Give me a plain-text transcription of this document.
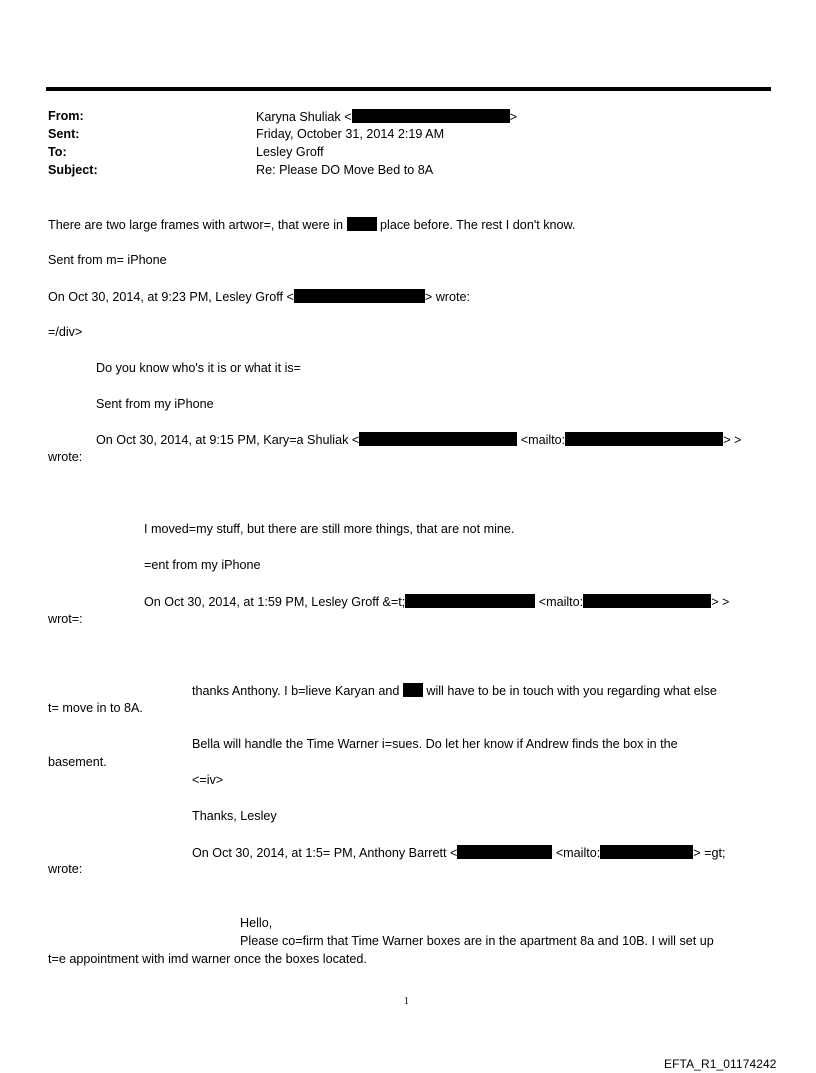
From:	Karyna Shuliak <	>
Sent:	Friday, October 31, 2014 2:19 AM
To:	Lesley Groff
Subject:	Re: Please DO Move Bed to 8A
There are two large frames with artwor=, that were in	place before. The rest I don't know.
Sent from m= iPhone
On Oct 30, 2014, at 9:23 PM, Lesley Groff <	> wrote:
=/div>
Do you know who's it is or what it is=
Sent from my iPhone
On Oct 30, 2014, at 9:15 PM, Kary=a Shuliak <	<mailto:	> >
wrote:
I moved=my stuff, but there are still more things, that are not mine.
=ent from my iPhone
On Oct 30, 2014, at 1:59 PM, Lesley Groff &=t;	<mailto:	> >
wrot=:
thanks Anthony. I b=lieve Karyan and will have to be in touch with you regarding what else
t= move in to 8A.
Bella will handle the Time Warner i=sues. Do let her know if Andrew finds the box in the
basement.
<=iv>
Thanks, Lesley
On Oct 30, 2014, at 1:5= PM, Anthony Barrett <	<mailto:	> =gt;
wrote:
Hello,
Please co=firm that Time Warner boxes are in the apartment 8a and 10B. I will set up
t=e appointment with imd warner once the boxes located.
1
EFTA_R1_01174242
